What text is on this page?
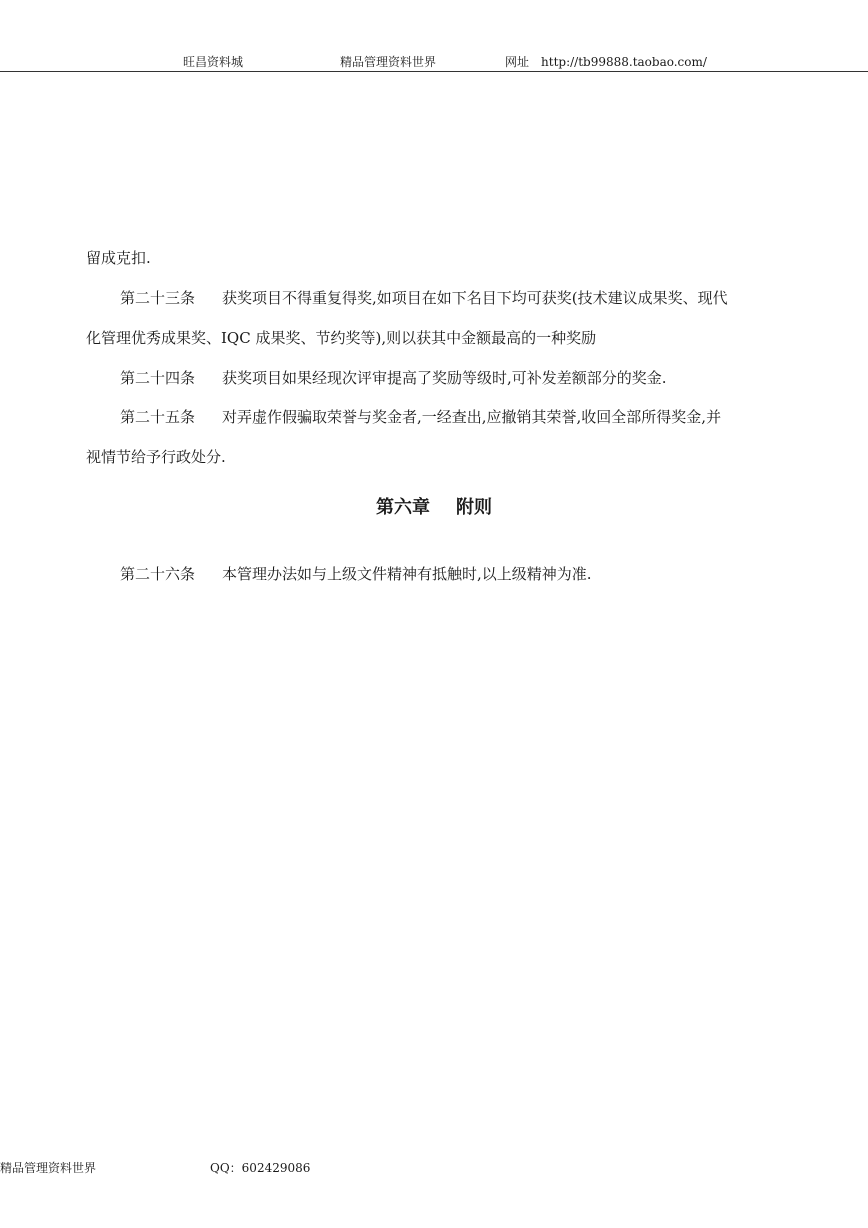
旺昌资料城	精品管理资料世界	网址 http://tb99888.taobao.com/
留成克扣.
第二十三条 获奖项目不得重复得奖,如项目在如下名目下均可获奖(技术建议成果奖、现代
化管理优秀成果奖、IQC 成果奖、节约奖等),则以获其中金额最高的一种奖励
第二十四条 获奖项目如果经现次评审提高了奖励等级时,可补发差额部分的奖金.
第二十五条 对弄虚作假骗取荣誉与奖金者,一经查出,应撤销其荣誉,收回全部所得奖金,并
视情节给予行政处分.
第六章 附则
第二十六条 本管理办法如与上级文件精神有抵触时,以上级精神为准.
精品管理资料世界	QQ：602429086
